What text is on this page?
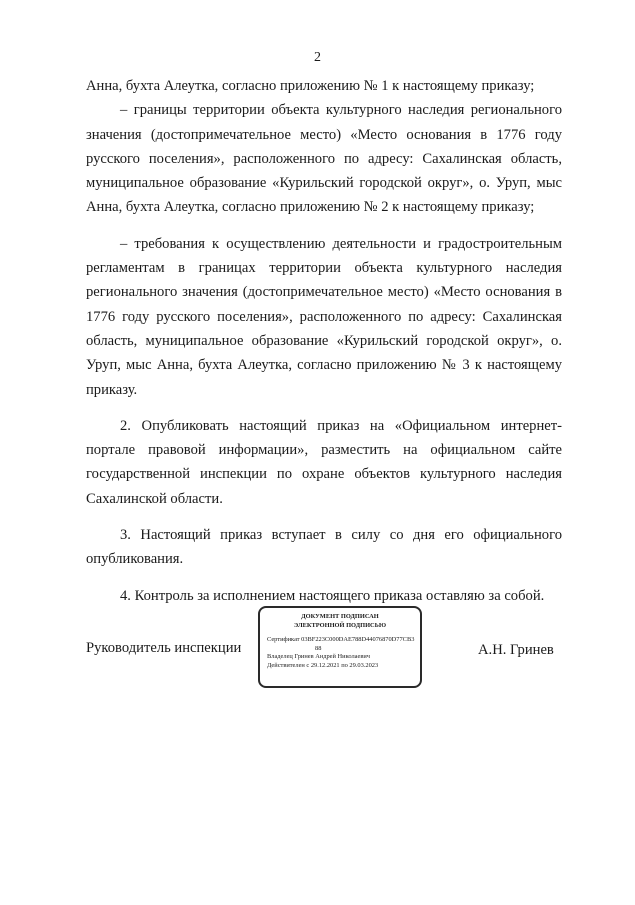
2

Анна, бухта Алеутка, согласно приложению № 1 к настоящему приказу;

– границы территории объекта культурного наследия регионального значения (достопримечательное место) «Место основания в 1776 году русского поселения», расположенного по адресу: Сахалинская область, муниципальное образование «Курильский городской округ», о. Уруп, мыс Анна, бухта Алеутка, согласно приложению № 2 к настоящему приказу;

– требования к осуществлению деятельности и градостроительным регламентам в границах территории объекта культурного наследия регионального значения (достопримечательное место) «Место основания в 1776 году русского поселения», расположенного по адресу: Сахалинская область, муниципальное образование «Курильский городской округ», о. Уруп, мыс Анна, бухта Алеутка, согласно приложению № 3 к настоящему приказу.

2. Опубликовать настоящий приказ на «Официальном интернет-портале правовой информации», разместить на официальном сайте государственной инспекции по охране объектов культурного наследия Сахалинской области.

3. Настоящий приказ вступает в силу со дня его официального опубликования.

4. Контроль за исполнением настоящего приказа оставляю за собой.

Руководитель инспекции
ДОКУМЕНТ ПОДПИСАН
ЭЛЕКТРОННОЙ ПОДПИСЬЮ
Сертификат 03BF223C000DAE788D44076870D77CB3
88
Владелец Гринев Андрей Николаевич
Действителен с 29.12.2021 по 29.03.2023
А.Н. Гринев
